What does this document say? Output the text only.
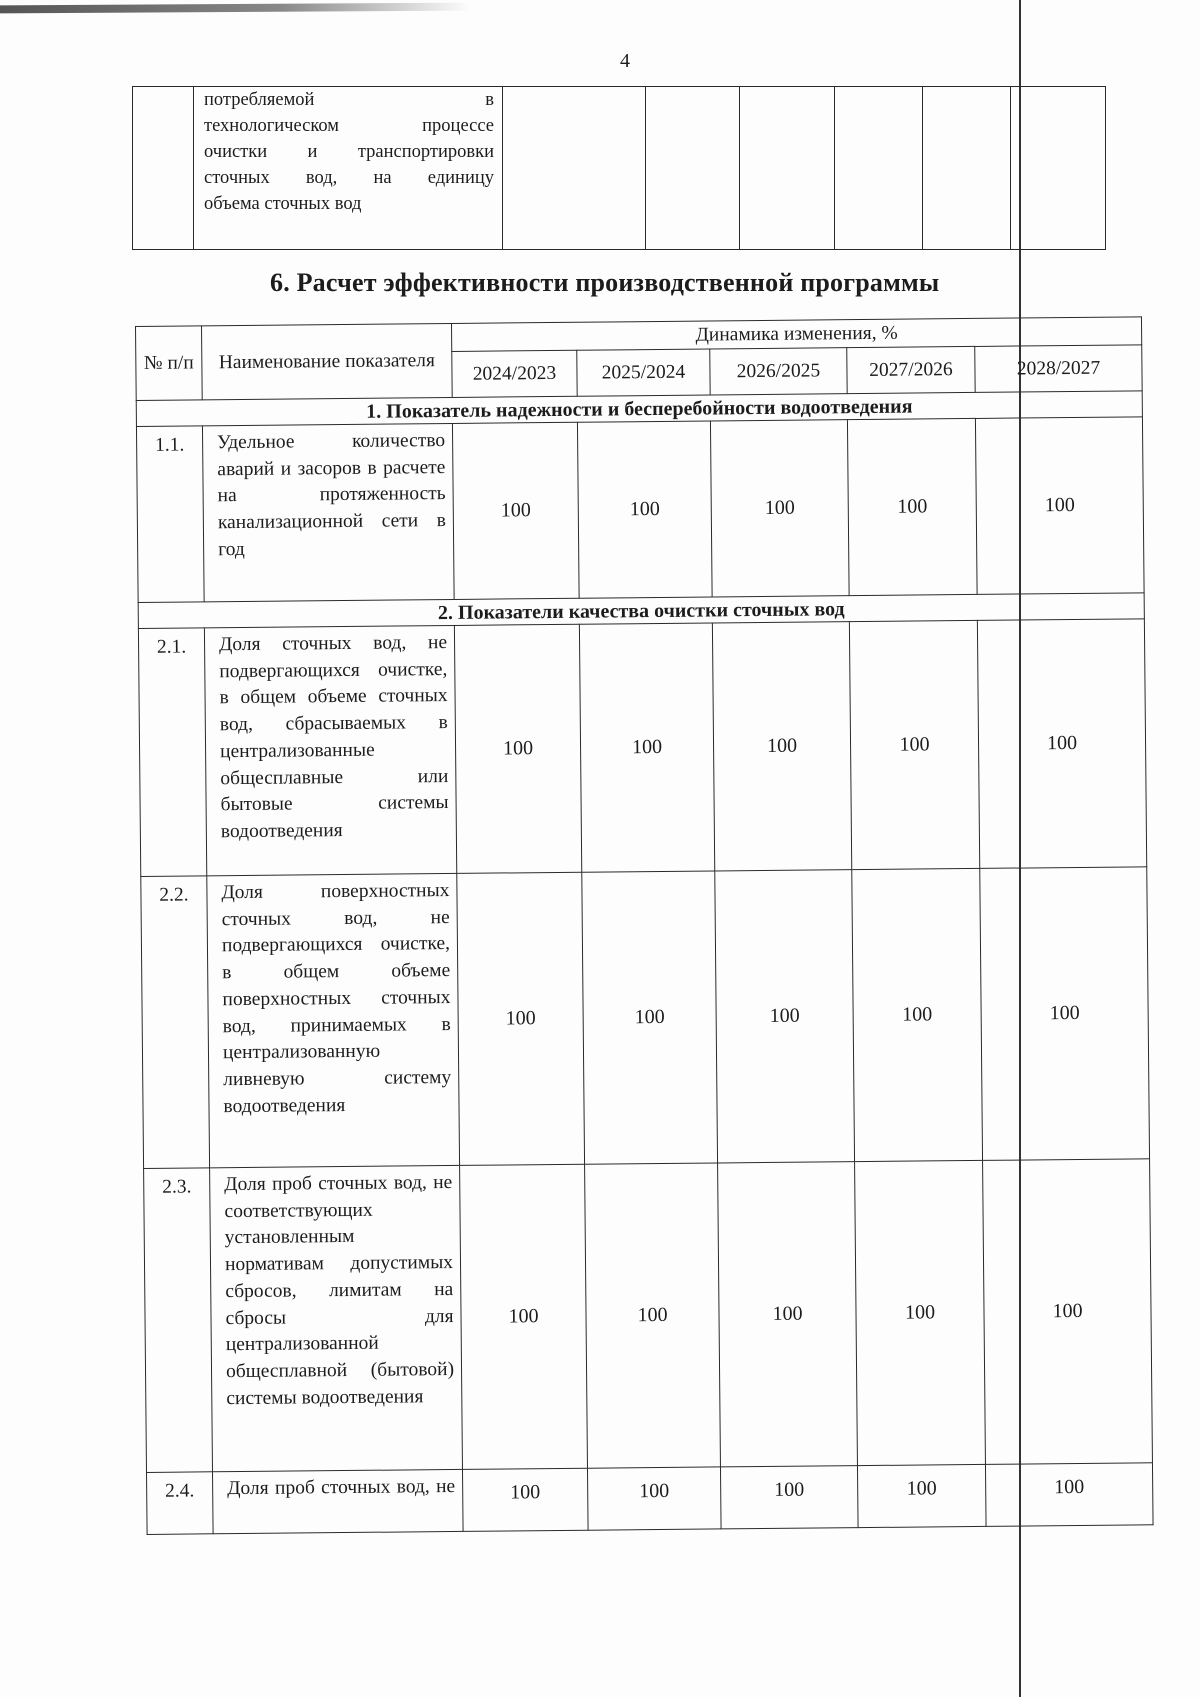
4

потребляемой в
технологическом процессе
очистки и транспортировки
сточных вод, на единицу
объема сточных вод

6. Расчет эффективности производственной программы
№ п/п	Наименование показателя	Динамика изменения, %				
		2024/2023	2025/2024	2026/2025	2027/2026	2028/2027
1. Показатель надежности и бесперебойности водоотведения						
1.1.	Удельное количество аварий и засоров в расчете на протяженность канализационной сети в год	100	100	100	100	100
2. Показатели качества очистки сточных вод						
2.1.	Доля сточных вод, не подвергающихся очистке, в общем объеме сточных вод, сбрасываемых в централизованные общесплавные или бытовые системы водоотведения	100	100	100	100	100
2.2.	Доля поверхностных сточных вод, не подвергающихся очистке, в общем объеме поверхностных сточных вод, принимаемых в централизованную ливневую систему водоотведения	100	100	100	100	100
2.3.	Доля проб сточных вод, не соответствующих установленным нормативам допустимых сбросов, лимитам на сбросы для централизованной общесплавной (бытовой) системы водоотведения	100	100	100	100	100
2.4.	Доля проб сточных вод, не	100	100	100	100	100
